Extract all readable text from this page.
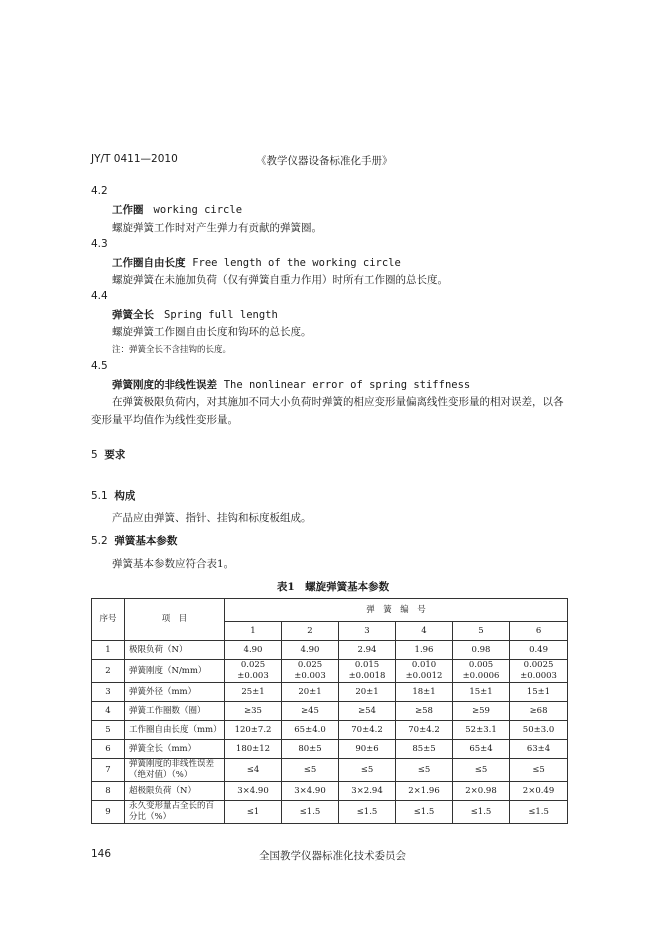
JY/T 0411—2010	《教学仪器设备标准化手册》
4.2
工作圈 working circle
螺旋弹簧工作时对产生弹力有贡献的弹簧圈。
4.3
工作圈自由长度 Free length of the working circle
螺旋弹簧在未施加负荷（仅有弹簧自重力作用）时所有工作圈的总长度。
4.4
弹簧全长 Spring full length
螺旋弹簧工作圈自由长度和钩环的总长度。
注：弹簧全长不含挂钩的长度。
4.5
弹簧刚度的非线性误差 The nonlinear error of spring stiffness
在弹簧极限负荷内，对其施加不同大小负荷时弹簧的相应变形量偏离线性变形量的相对误差，以各
变形量平均值作为线性变形量。
5 要求
5.1 构成
产品应由弹簧、指针、挂钩和标度板组成。
5.2 弹簧基本参数
弹簧基本参数应符合表1。
表1　螺旋弹簧基本参数
序号	项　目	弹　簧　编　号					
		1	2	3	4	5	6
1	极限负荷（N）	4.90	4.90	2.94	1.96	0.98	0.49
2	弹簧刚度（N/mm）	0.025
±0.003	0.025
±0.003	0.015
±0.0018	0.010
±0.0012	0.005
±0.0006	0.0025
±0.0003
3	弹簧外径（mm）	25±1	20±1	20±1	18±1	15±1	15±1
4	弹簧工作圈数（圈）	≥35	≥45	≥54	≥58	≥59	≥68
5	工作圈自由长度（mm）	120±7.2	65±4.0	70±4.2	70±4.2	52±3.1	50±3.0
6	弹簧全长（mm）	180±12	80±5	90±6	85±5	65±4	63±4
7	弹簧刚度的非线性误差
（绝对值）（%）	≤4	≤5	≤5	≤5	≤5	≤5
8	超极限负荷（N）	3×4.90	3×4.90	3×2.94	2×1.96	2×0.98	2×0.49
9	永久变形量占全长的百
分比（%）	≤1	≤1.5	≤1.5	≤1.5	≤1.5	≤1.5
146	全国教学仪器标准化技术委员会
